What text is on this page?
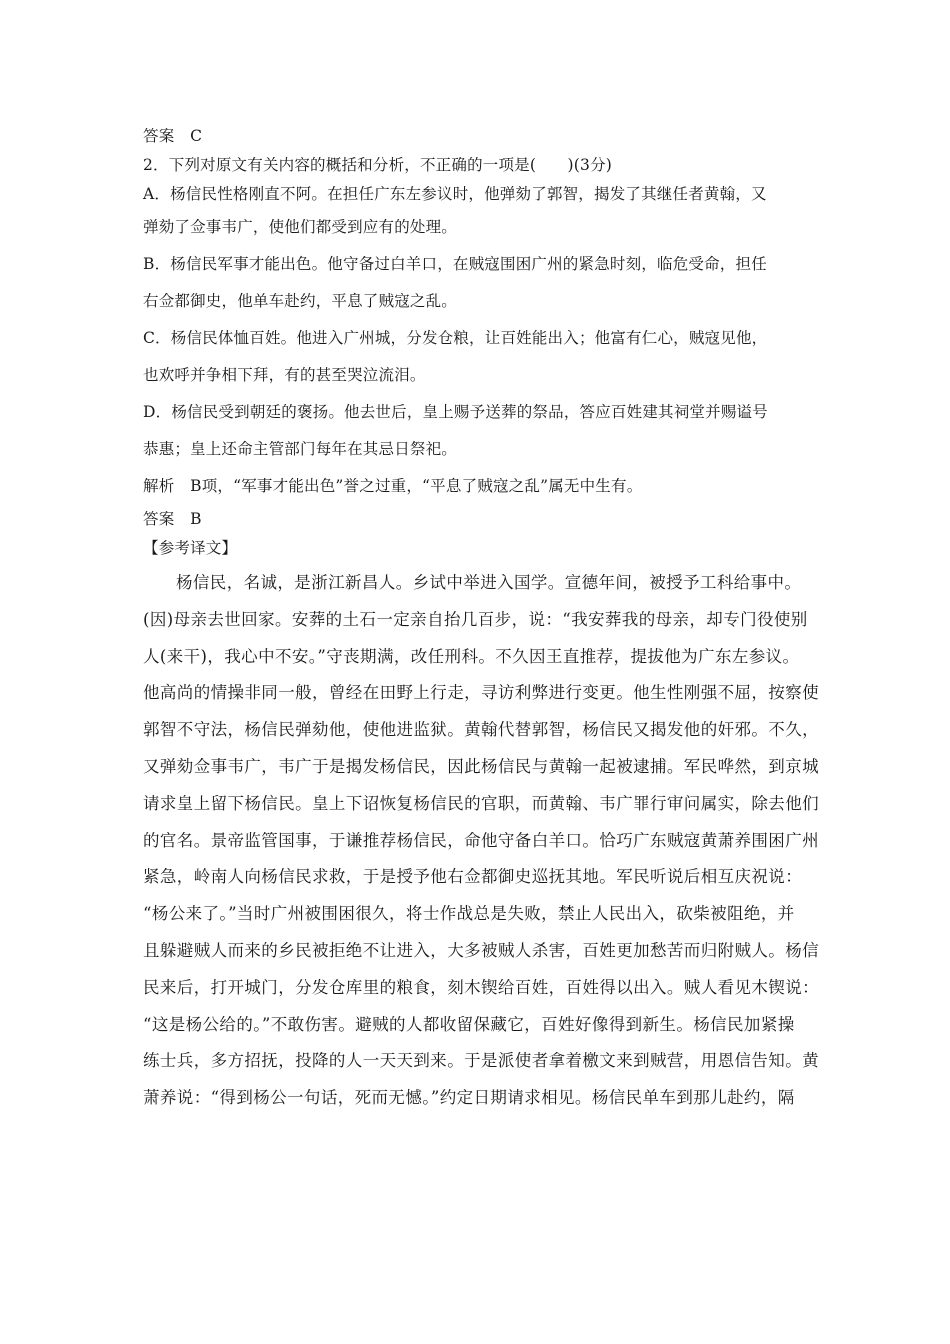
答案　C
2．下列对原文有关内容的概括和分析，不正确的一项是(　　)(3分)
A．杨信民性格刚直不阿。在担任广东左参议时，他弹劾了郭智，揭发了其继任者黄翰，又
弹劾了佥事韦广，使他们都受到应有的处理。
B．杨信民军事才能出色。他守备过白羊口，在贼寇围困广州的紧急时刻，临危受命，担任
右佥都御史，他单车赴约，平息了贼寇之乱。
C．杨信民体恤百姓。他进入广州城，分发仓粮，让百姓能出入；他富有仁心，贼寇见他，
也欢呼并争相下拜，有的甚至哭泣流泪。
D．杨信民受到朝廷的褒扬。他去世后，皇上赐予送葬的祭品，答应百姓建其祠堂并赐谥号
恭惠；皇上还命主管部门每年在其忌日祭祀。
解析　B项，“军事才能出色”誉之过重，“平息了贼寇之乱”属无中生有。
答案　B
【参考译文】
杨信民，名诚，是浙江新昌人。乡试中举进入国学。宣德年间，被授予工科给事中。
(因)母亲去世回家。安葬的土石一定亲自抬几百步，说：“我安葬我的母亲，却专门役使别
人(来干)，我心中不安。”守丧期满，改任刑科。不久因王直推荐，提拔他为广东左参议。
他高尚的情操非同一般，曾经在田野上行走，寻访利弊进行变更。他生性刚强不屈，按察使
郭智不守法，杨信民弹劾他，使他进监狱。黄翰代替郭智，杨信民又揭发他的奸邪。不久，
又弹劾佥事韦广，韦广于是揭发杨信民，因此杨信民与黄翰一起被逮捕。军民哗然，到京城
请求皇上留下杨信民。皇上下诏恢复杨信民的官职，而黄翰、韦广罪行审问属实，除去他们
的官名。景帝监管国事，于谦推荐杨信民，命他守备白羊口。恰巧广东贼寇黄萧养围困广州
紧急，岭南人向杨信民求救，于是授予他右佥都御史巡抚其地。军民听说后相互庆祝说：
“杨公来了。”当时广州被围困很久，将士作战总是失败，禁止人民出入，砍柴被阻绝，并
且躲避贼人而来的乡民被拒绝不让进入，大多被贼人杀害，百姓更加愁苦而归附贼人。杨信
民来后，打开城门，分发仓库里的粮食，刻木锲给百姓，百姓得以出入。贼人看见木锲说：
“这是杨公给的。”不敢伤害。避贼的人都收留保藏它，百姓好像得到新生。杨信民加紧操
练士兵，多方招抚，投降的人一天天到来。于是派使者拿着檄文来到贼营，用恩信告知。黄
萧养说：“得到杨公一句话，死而无憾。”约定日期请求相见。杨信民单车到那儿赴约，隔
